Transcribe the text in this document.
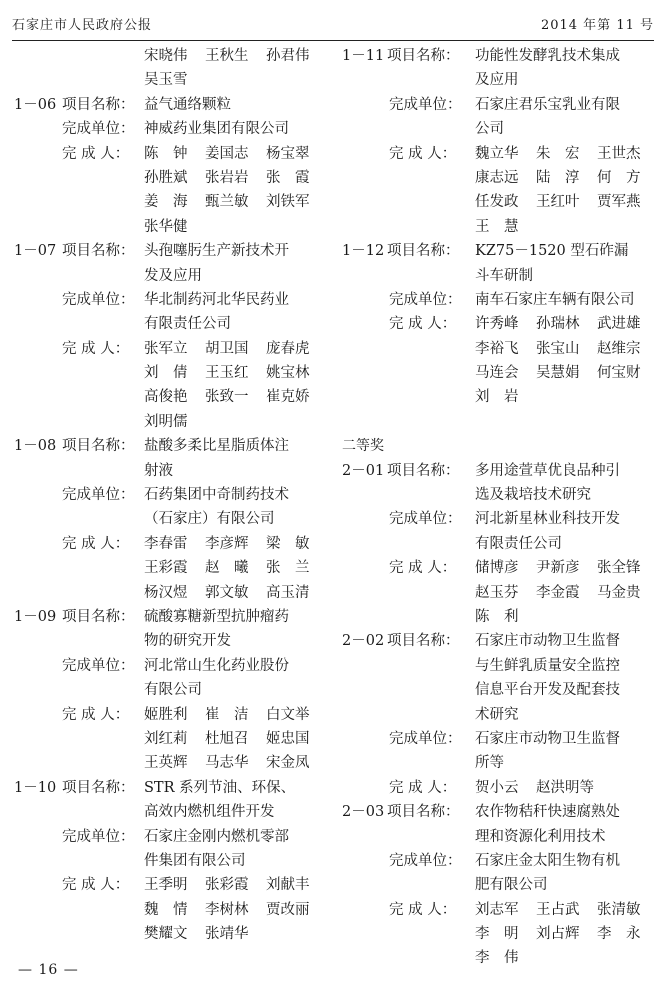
石家庄市人民政府公报	2014 年第 11 号
宋晓伟	王秋生	孙君伟
吴玉雪
1－06 项目名称： 益气通络颗粒
完成单位： 神威药业集团有限公司
完 成 人： 陈　钟	姜国志	杨宝翠
孙胜斌	张岩岩	张　霞
姜　海	甄兰敏	刘铁军
张华健
1－07 项目名称： 头孢噻肟生产新技术开
发及应用
完成单位： 华北制药河北华民药业
有限责任公司
完 成 人： 张军立	胡卫国	庞春虎
刘　倩	王玉红	姚宝林
高俊艳	张致一	崔克娇
刘明儒
1－08 项目名称： 盐酸多柔比星脂质体注
射液
完成单位： 石药集团中奇制药技术
（石家庄）有限公司
完 成 人： 李春雷	李彦辉	梁　敏
王彩霞	赵　曦	张　兰
杨汉煜	郭文敏	高玉清
1－09 项目名称： 硫酸寡糖新型抗肿瘤药
物的研究开发
完成单位： 河北常山生化药业股份
有限公司
完 成 人： 姬胜利	崔　洁	白文举
刘红莉	杜旭召	姬忠国
王英辉	马志华	宋金凤
1－10 项目名称： STR 系列节油、环保、
高效内燃机组件开发
完成单位： 石家庄金刚内燃机零部
件集团有限公司
完 成 人： 王季明	张彩霞	刘献丰
魏　情	李树林	贾改丽
樊耀文	张靖华
1－11 项目名称： 功能性发酵乳技术集成
及应用
完成单位： 石家庄君乐宝乳业有限
公司
完 成 人： 魏立华	朱　宏	王世杰
康志远	陆　淳	何　方
任发政	王红叶	贾军燕
王　慧
1－12 项目名称： KZ75－1520 型石砟漏
斗车研制
完成单位： 南车石家庄车辆有限公司
完 成 人： 许秀峰	孙瑞林	武进雄
李裕飞	张宝山	赵维宗
马连会	吴慧娟	何宝财
刘　岩
二等奖
2－01 项目名称： 多用途萱草优良品种引
选及栽培技术研究
完成单位： 河北新星林业科技开发
有限责任公司
完 成 人： 储博彦	尹新彦	张全锋
赵玉芬	李金霞	马金贵
陈　利
2－02 项目名称： 石家庄市动物卫生监督
与生鲜乳质量安全监控
信息平台开发及配套技
术研究
完成单位： 石家庄市动物卫生监督
所等
完 成 人： 贺小云	赵洪明等
2－03 项目名称： 农作物秸秆快速腐熟处
理和资源化利用技术
完成单位： 石家庄金太阳生物有机
肥有限公司
完 成 人： 刘志军	王占武	张清敏
李　明	刘占辉	李　永
李　伟
— 16 —
